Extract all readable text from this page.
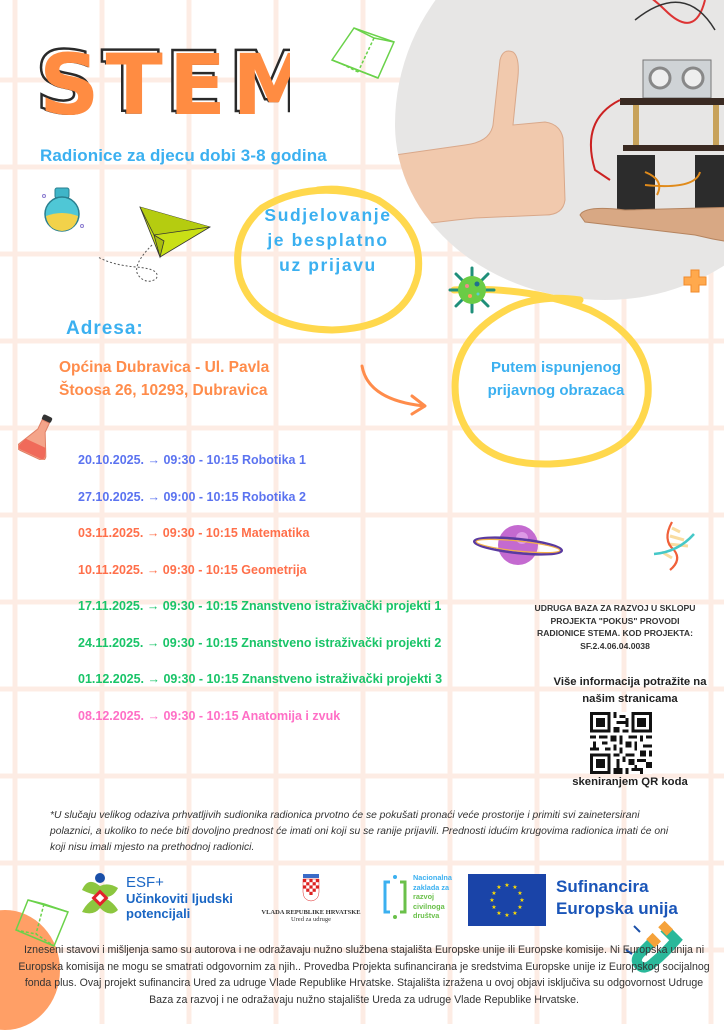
STEM
STEM
STEM
Radionice za djecu dobi 3-8 godina
Sudjelovanje
je besplatno
uz prijavu
Adresa:
Općina Dubravica - Ul. Pavla
Štoosa 26, 10293, Dubravica
Putem ispunjenog
prijavnog obrazaca
20.10.2025. → 09:30 - 10:15 Robotika 1
27.10.2025. → 09:00 - 10:15 Robotika 2
03.11.2025. → 09:30 - 10:15 Matematika
10.11.2025. → 09:30 - 10:15 Geometrija
17.11.2025. → 09:30 - 10:15 Znanstveno istraživački projekti 1
24.11.2025. → 09:30 - 10:15 Znanstveno istraživački projekti 2
01.12.2025. → 09:30 - 10:15 Znanstveno istraživački projekti 3
08.12.2025. → 09:30 - 10:15 Anatomija i zvuk
UDRUGA BAZA ZA RAZVOJ U SKLOPU
PROJEKTA "POKUS" PROVODI
RADIONICE STEMA. KOD PROJEKTA:
SF.2.4.06.04.0038
Više informacija potražite na
našim stranicama
skeniranjem QR koda
*U slučaju velikog odaziva prhvatljivih sudionika radionica prvotno će se pokušati pronaći veće prostorije i primiti svi zainetersirani polaznici, a ukoliko to neće biti dovoljno prednost će imati oni koji su se ranije prijavili. Prednosti idućim krugovima radionica imati će oni koji nisu imali mjesto na prethodnoj radionici.
ESF+
Učinkoviti ljudski
potencijali	VLADA REPUBLIKE HRVATSKE
Ured za udruge
Nacionalna
zaklada za
razvoj
civilnoga
društva
★ ★
★
★
★
★
★
★
★
★
★
★	Sufinancira
Europska unija
Izneseni stavovi i mišljenja samo su autorova i ne odražavaju nužno službena stajališta Europske unije ili Europske komisije. Ni Europska unija ni Europska komisija ne mogu se smatrati odgovornim za njih.. Provedba Projekta sufinancirana je sredstvima Europske unije iz Europskog socijalnog fonda plus. Ovaj projekt sufinancira Ured za udruge Vlade Republike Hrvatske. Stajališta izražena u ovoj objavi isključiva su odgovornost Udruge Baza za razvoj i ne odražavaju nužno stajalište Ureda za udruge Vlade Republike Hrvatske.
